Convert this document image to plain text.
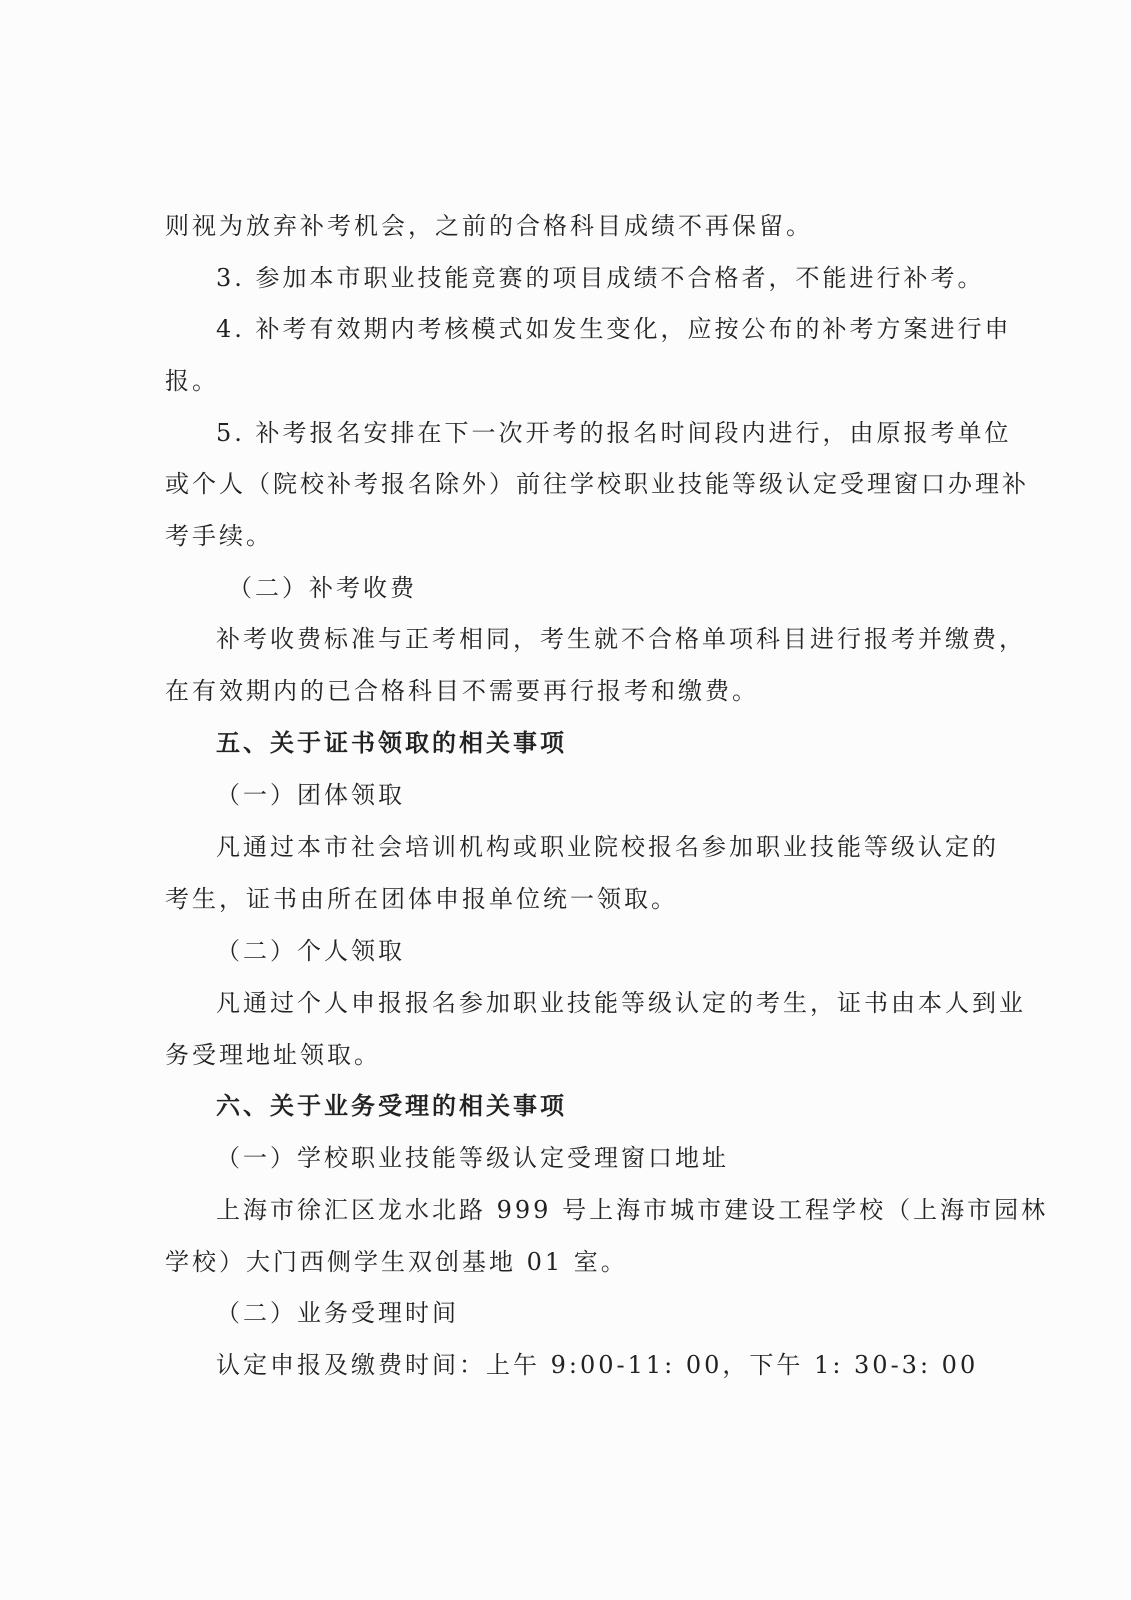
则视为放弃补考机会，之前的合格科目成绩不再保留。
3. 参加本市职业技能竞赛的项目成绩不合格者，不能进行补考。
4. 补考有效期内考核模式如发生变化，应按公布的补考方案进行申
报。
5. 补考报名安排在下一次开考的报名时间段内进行，由原报考单位
或个人（院校补考报名除外）前往学校职业技能等级认定受理窗口办理补
考手续。
（二）补考收费
补考收费标准与正考相同，考生就不合格单项科目进行报考并缴费，
在有效期内的已合格科目不需要再行报考和缴费。
五、关于证书领取的相关事项
（一）团体领取
凡通过本市社会培训机构或职业院校报名参加职业技能等级认定的
考生，证书由所在团体申报单位统一领取。
（二）个人领取
凡通过个人申报报名参加职业技能等级认定的考生，证书由本人到业
务受理地址领取。
六、关于业务受理的相关事项
（一）学校职业技能等级认定受理窗口地址
上海市徐汇区龙水北路 999 号上海市城市建设工程学校（上海市园林
学校）大门西侧学生双创基地 01 室。
（二）业务受理时间
认定申报及缴费时间：上午 9:00-11: 00，下午 1: 30-3: 00
